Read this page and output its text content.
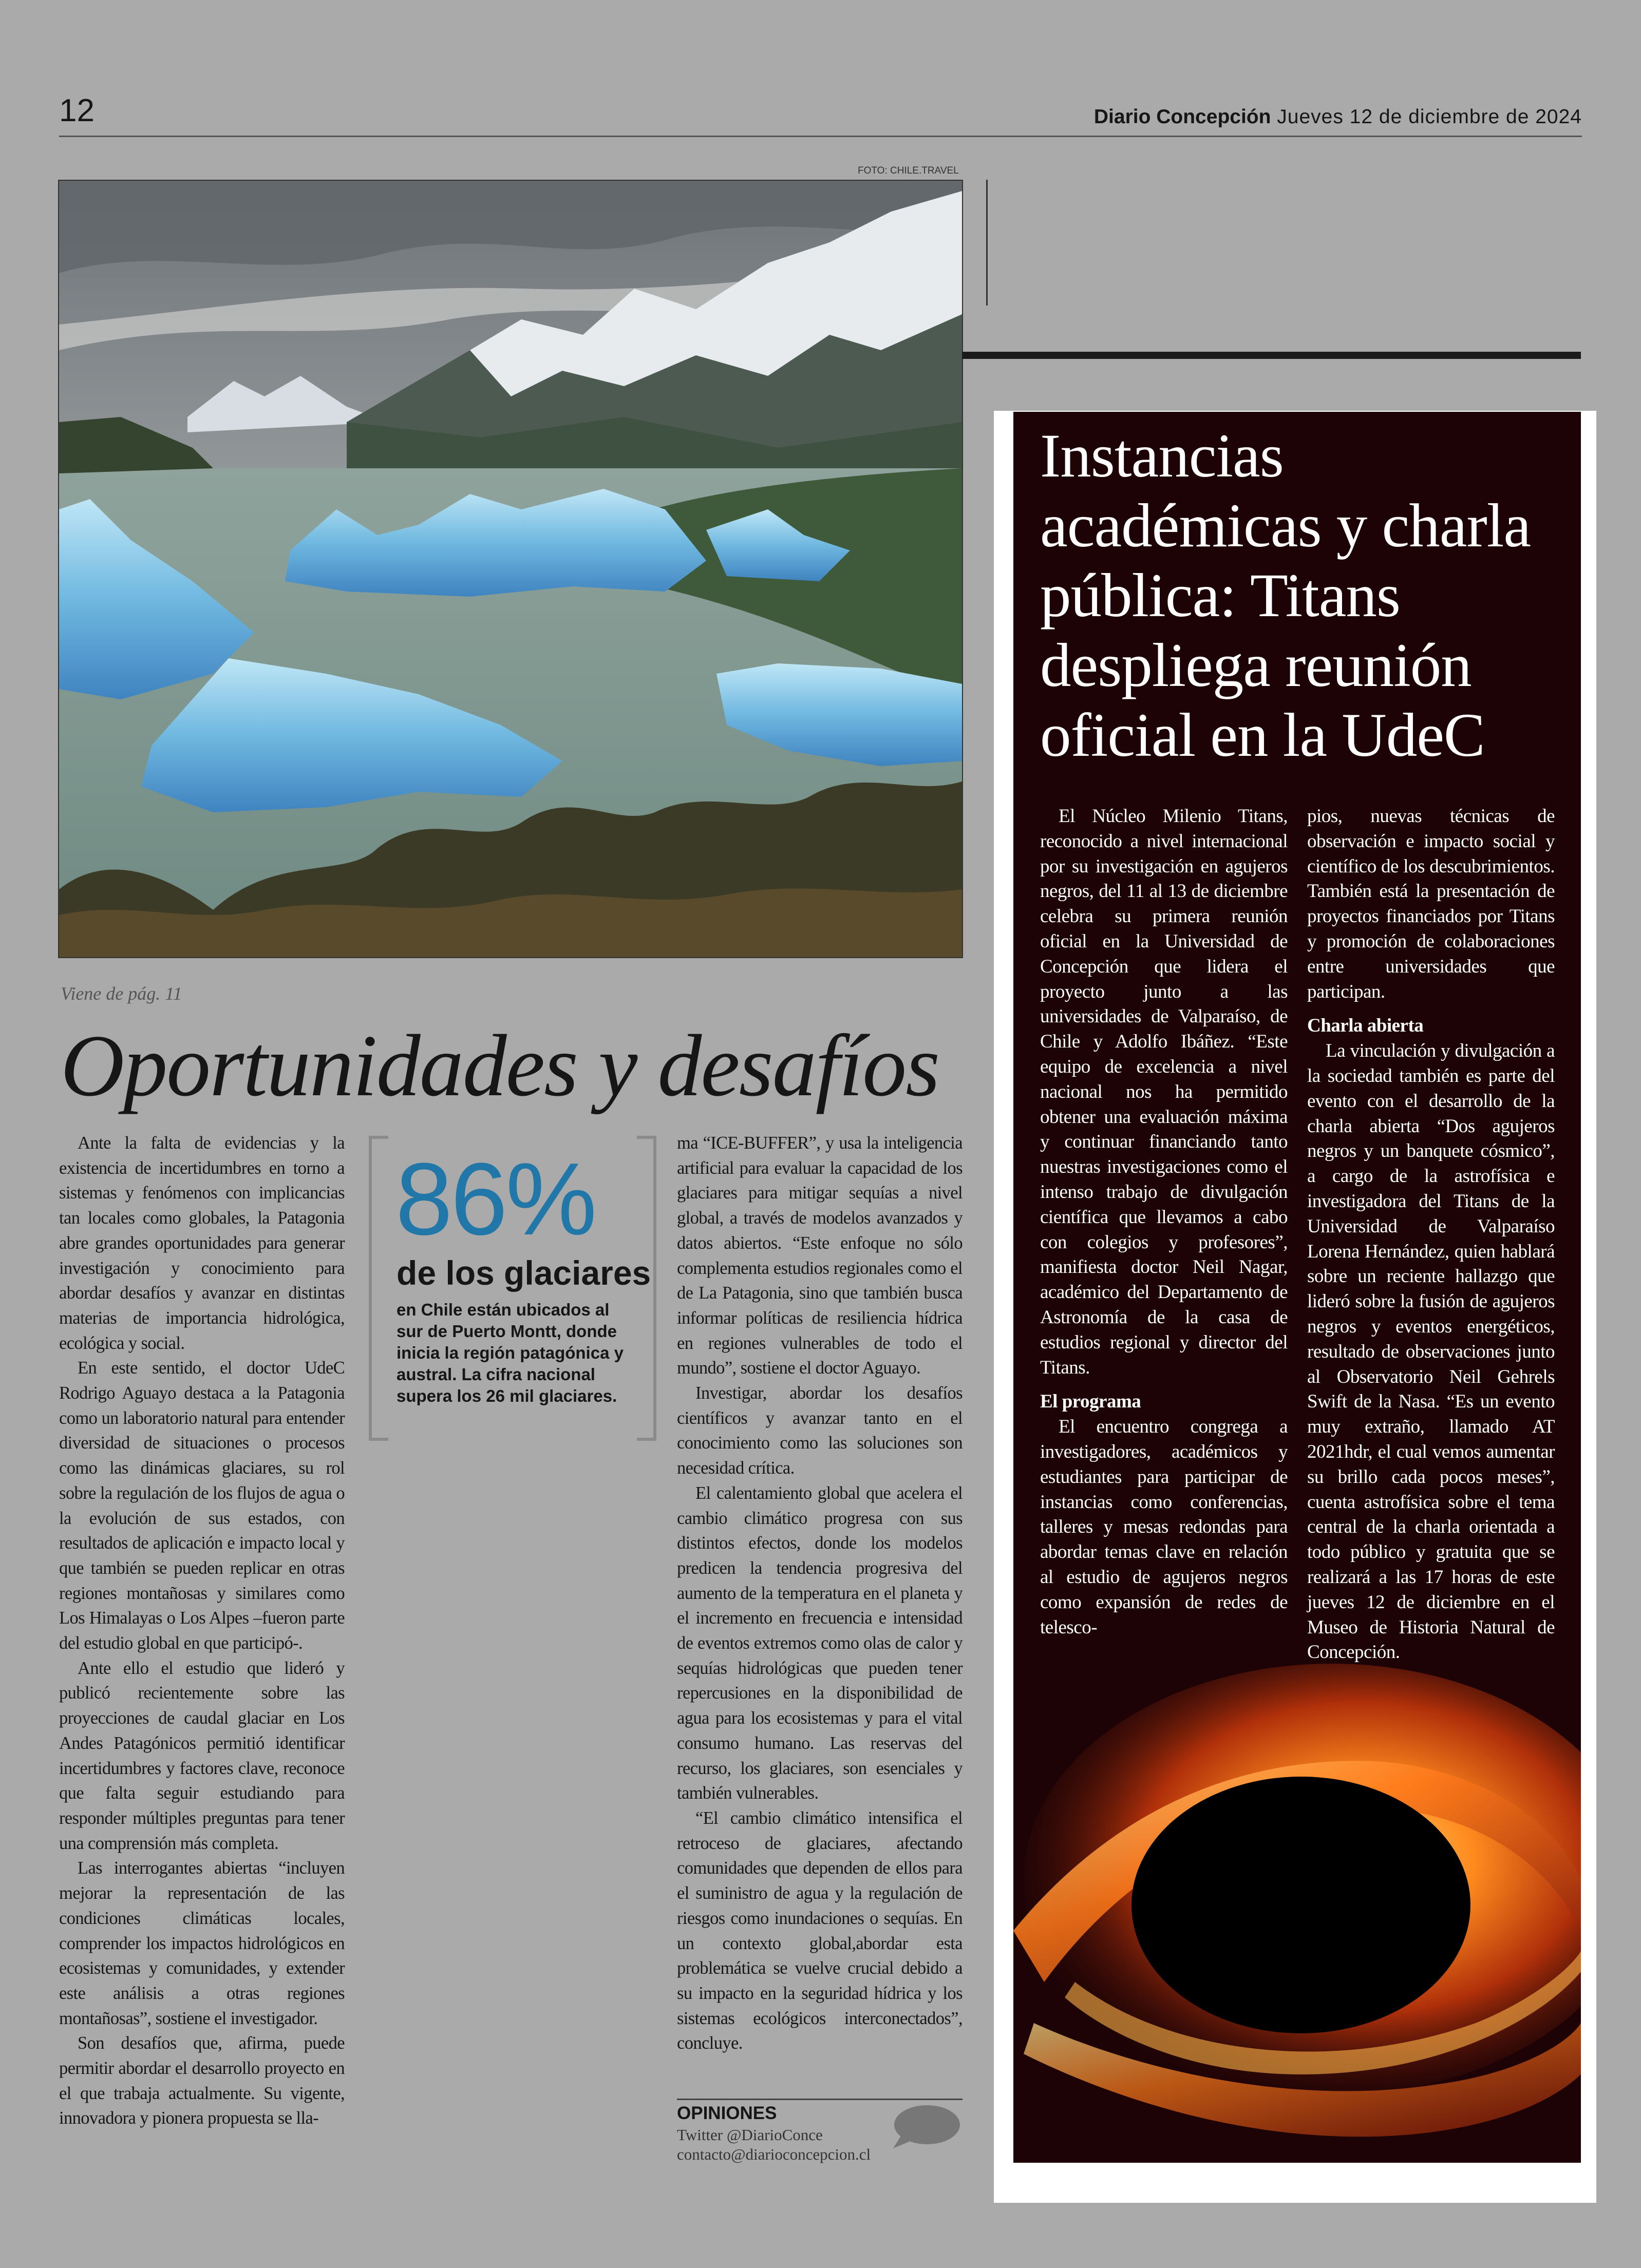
12	Diario Concepción Jueves 12 de diciembre de 2024
FOTO: CHILE.TRAVEL
Viene de pág. 11
Oportunidades y desafíos

Ante la falta de evidencias y la existencia de incertidumbres en torno a sistemas y fenómenos con implicancias tan locales como globales, la Patagonia abre grandes oportunidades para generar investigación y conocimiento para abordar desafíos y avanzar en distintas materias de importancia hidrológica, ecológica y social.

En este sentido, el doctor UdeC Rodrigo Aguayo destaca a la Patagonia como un laboratorio natural para entender diversidad de situaciones o procesos como las dinámicas glaciares, su rol sobre la regulación de los flujos de agua o la evolución de sus estados, con resultados de aplicación e impacto local y que también se pueden replicar en otras regiones montañosas y similares como Los Himalayas o Los Alpes –fueron parte del estudio global en que participó-.

Ante ello el estudio que lideró y publicó recientemente sobre las proyecciones de caudal glaciar en Los Andes Patagónicos permitió identificar incertidumbres y factores clave, reconoce que falta seguir estudiando para responder múltiples preguntas para tener una comprensión más completa.

Las interrogantes abiertas “incluyen mejorar la representación de las condiciones climáticas locales, comprender los impactos hidrológicos en ecosistemas y comunidades, y extender este análisis a otras regiones montañosas”, sostiene el investigador.

Son desafíos que, afirma, puede permitir abordar el desarrollo proyecto en el que trabaja actualmente. Su vigente, innovadora y pionera propuesta se lla-

86%
de los glaciares
en Chile están ubicados al sur de Puerto Montt, donde inicia la región patagónica y austral. La cifra nacional supera los 26 mil glaciares.

ma “ICE-BUFFER”, y usa la inteligencia artificial para evaluar la capacidad de los glaciares para mitigar sequías a nivel global, a través de modelos avanzados y datos abiertos. “Este enfoque no sólo complementa estudios regionales como el de La Patagonia, sino que también busca informar políticas de resiliencia hídrica en regiones vulnerables de todo el mundo”, sostiene el doctor Aguayo.

Investigar, abordar los desafíos científicos y avanzar tanto en el conocimiento como las soluciones son necesidad crítica.

El calentamiento global que acelera el cambio climático progresa con sus distintos efectos, donde los modelos predicen la tendencia progresiva del aumento de la temperatura en el planeta y el incremento en frecuencia e intensidad de eventos extremos como olas de calor y sequías hidrológicas que pueden tener repercusiones en la disponibilidad de agua para los ecosistemas y para el vital consumo humano. Las reservas del recurso, los glaciares, son esenciales y también vulnerables.

“El cambio climático intensifica el retroceso de glaciares, afectando comunidades que dependen de ellos para el suministro de agua y la regulación de riesgos como inundaciones o sequías. En un contexto global,abordar esta problemática se vuelve crucial debido a su impacto en la seguridad hídrica y los sistemas ecológicos interconectados”, concluye.

OPINIONES
Twitter @DiarioConce
contacto@diarioconcepcion.cl
Instancias académicas y charla pública: Titans despliega reunión oficial en la UdeC

El Núcleo Milenio Titans, reconocido a nivel internacional por su investigación en agujeros negros, del 11 al 13 de diciembre celebra su primera reunión oficial en la Universidad de Concepción que lidera el proyecto junto a las universidades de Valparaíso, de Chile y Adolfo Ibáñez. “Este equipo de excelencia a nivel nacional nos ha permitido obtener una evaluación máxima y continuar financiando tanto nuestras investigaciones como el intenso trabajo de divulgación científica que llevamos a cabo con colegios y profesores”, manifiesta doctor Neil Nagar, académico del Departamento de Astronomía de la casa de estudios regional y director del Titans.

El programa

El encuentro congrega a investigadores, académicos y estudiantes para participar de instancias como conferencias, talleres y mesas redondas para abordar temas clave en relación al estudio de agujeros negros como expansión de redes de telesco-

pios, nuevas técnicas de observación e impacto social y científico de los descubrimientos. También está la presentación de proyectos financiados por Titans y promoción de colaboraciones entre universidades que participan.

Charla abierta

La vinculación y divulgación a la sociedad también es parte del evento con el desarrollo de la charla abierta “Dos agujeros negros y un banquete cósmico”, a cargo de la astrofísica e investigadora del Titans de la Universidad de Valparaíso Lorena Hernández, quien hablará sobre un reciente hallazgo que lideró sobre la fusión de agujeros negros y eventos energéticos, resultado de observaciones junto al Observatorio Neil Gehrels Swift de la Nasa. “Es un evento muy extraño, llamado AT 2021hdr, el cual vemos aumentar su brillo cada pocos meses”, cuenta astrofísica sobre el tema central de la charla orientada a todo público y gratuita que se realizará a las 17 horas de este jueves 12 de diciembre en el Museo de Historia Natural de Concepción.
